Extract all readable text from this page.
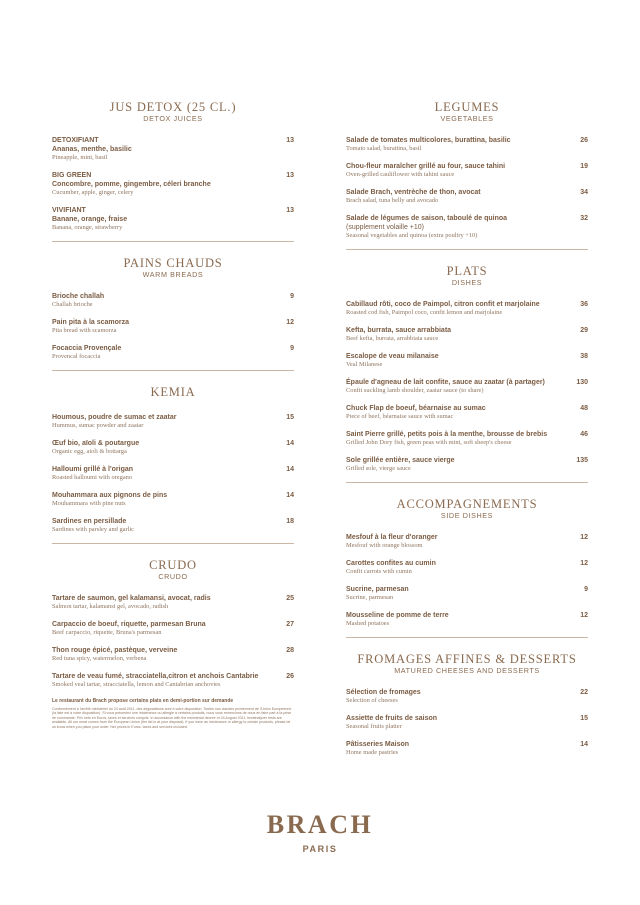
JUS DETOX (25 CL.)
DETOX JUICES
DETOXIFIANT
Ananas, menthe, basilic
Pineapple, mint, basil
13
BIG GREEN
Concombre, pomme, gingembre, céleri branche
Cucumber, apple, ginger, celery
13
VIVIFIANT
Banane, orange, fraise
Banana, orange, strawberry
13
PAINS CHAUDS
WARM BREADS
Brioche challah
Challah brioche
9
Pain pita à la scamorza
Pita bread with scamorza
12
Focaccia Provençale
Provencal focaccia
9
KEMIA
Houmous, poudre de sumac et zaatar
Hummus, sumac powder and zaatar
15
Œuf bio, aïoli & poutargue
Organic egg, aioli & bottarga
14
Halloumi grillé à l'origan
Roasted halloumi with oregano
14
Mouhammara aux pignons de pins
Mouhammara with pine nuts
14
Sardines en persillade
Sardines with parsley and garlic
18
CRUDO
CRUDO
Tartare de saumon, gel kalamansi, avocat, radis
Salmon tartar, kalamansi gel, avocado, radish
25
Carpaccio de boeuf, riquette, parmesan Bruna
Beef carpaccio, riquette, Bruna's parmesan
27
Thon rouge épicé, pastèque, verveine
Red tuna spicy, watermelon, verbena
28
Tartare de veau fumé, stracciatella,citron et anchois Cantabrie
Smoked veal tartar, stracciatella, lemon and Cantabrian anchovies
26
Le restaurant du Brach propose certains plats en demi-portion sur demande
Conformément à l'arrêté ministériel du 24 août 2011, des dégustations sont à votre disposition. Toutes nos viandes proviennent de l'Union Européenne (la liste est à votre disposition). Si vous présentez une intolérance ou allergie à certains produits, nous vous remercions de nous en faire part à la prise de commande. Prix nets en Euros, taxes et services compris. In accordance with the ministerial decree of 24 August 2011, breathalyzer tests are available. All our meat comes from the European Union (the list is at your disposal). If you have an intolerance or allergy to certain products, please let us know when you place your order. Net prices in Euros, taxes and services included.
LEGUMES
VEGETABLES
Salade de tomates multicolores, burattina, basilic
Tomato salad, burattina, basil
26
Chou-fleur maraîcher grillé au four, sauce tahini
Oven-grilled cauliflower with tahini sauce
19
Salade Brach, ventrèche de thon, avocat
Brach salad, tuna belly and avocado
34
Salade de légumes de saison, taboulé de quinoa
(supplement volaille +10)
Seasonal vegetables and quinoa (extra poultry +10)
32
PLATS
DISHES
Cabillaud rôti, coco de Paimpol, citron confit et marjolaine
Roasted cod fish, Paimpol coco, confit lemon and marjolaine
36
Kefta, burrata, sauce arrabbiata
Beef kefta, burrata, arrabbiata sauce
29
Escalope de veau milanaise
Veal Milanese
38
Épaule d'agneau de lait confite, sauce au zaatar (à partager)
Confit suckling lamb shoulder, zaatar sauce (to share)
130
Chuck Flap de boeuf, béarnaise au sumac
Piece of beef, béarnaise sauce with sumac
48
Saint Pierre grillé, petits pois à la menthe, brousse de brebis
Grilled John Dory fish, green peas with mint, soft sheep's cheese
46
Sole grillée entière, sauce vierge
Grilled sole, vierge sauce
135
ACCOMPAGNEMENTS
SIDE DISHES
Mesfouf à la fleur d'oranger
Mesfouf with orange blossom
12
Carottes confites au cumin
Confit carrots with cumin
12
Sucrine, parmesan
Sucrine, parmesan
9
Mousseline de pomme de terre
Mashed potatoes
12
FROMAGES AFFINES & DESSERTS
MATURED CHEESES AND DESSERTS
Sélection de fromages
Selection of cheeses
22
Assiette de fruits de saison
Seasonal fruits platter
15
Pâtisseries Maison
Home made pastries
14
BRACH
PARIS
